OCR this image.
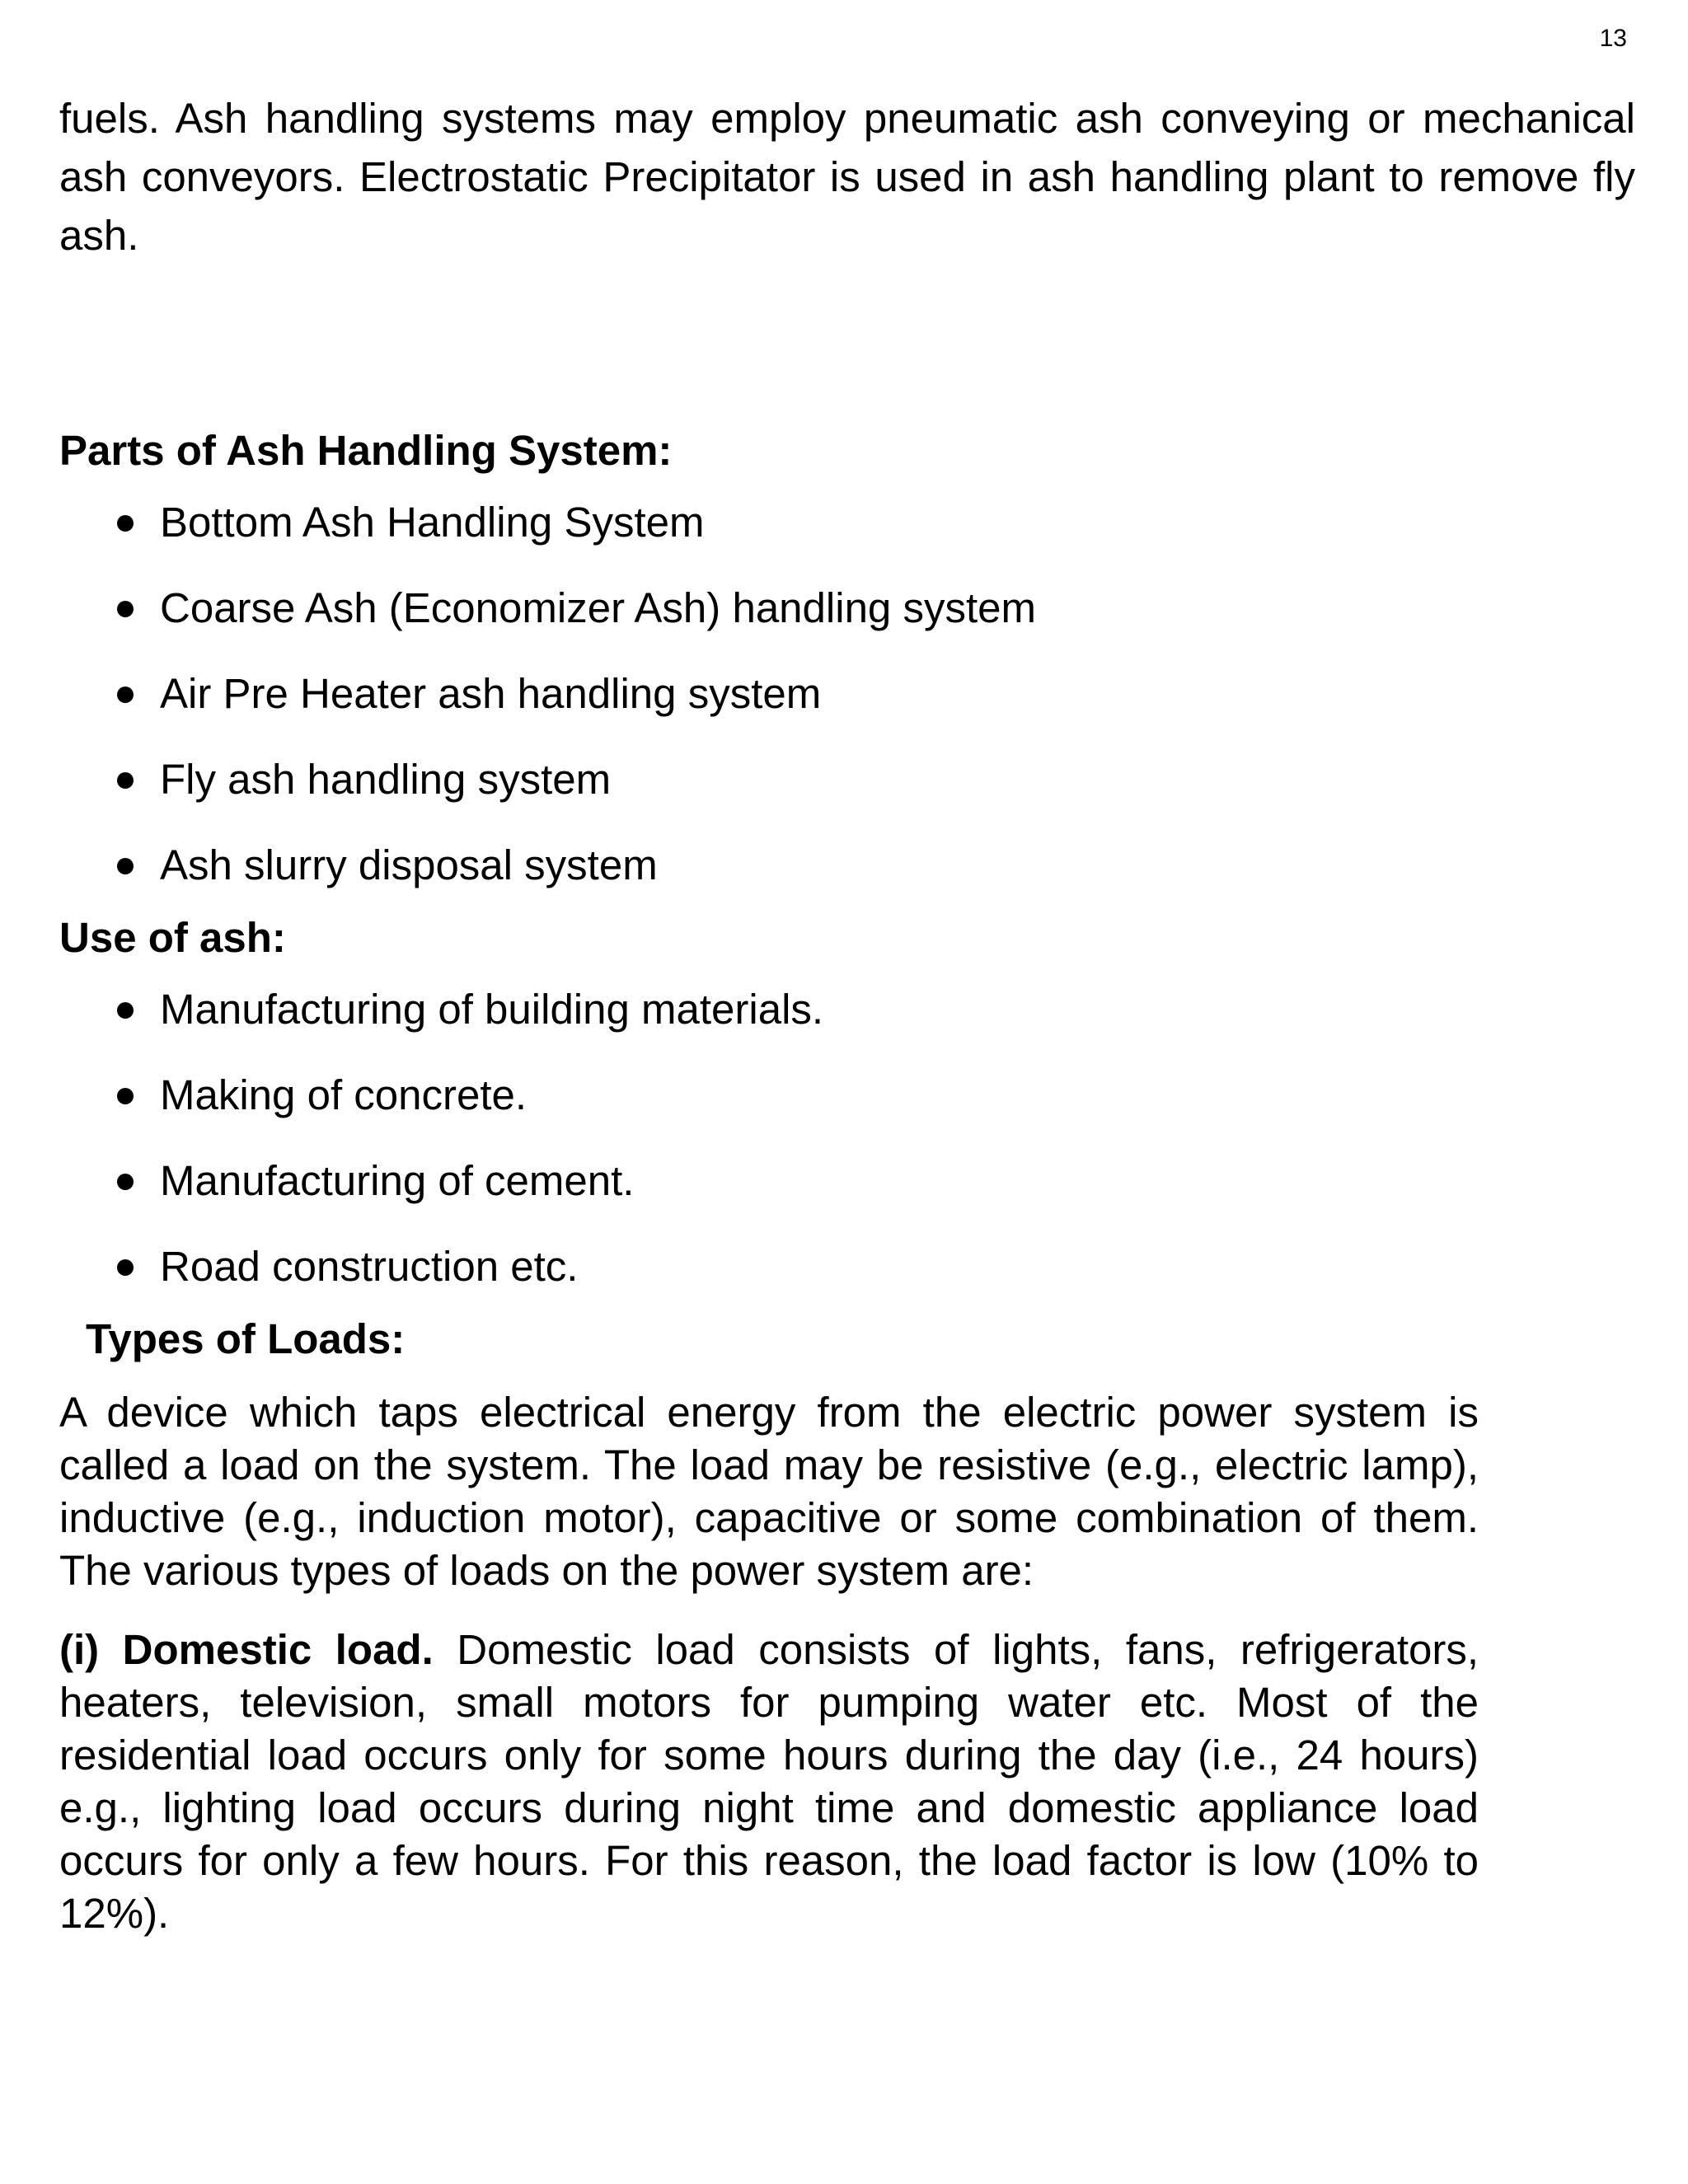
13

fuels. Ash handling systems may employ pneumatic ash conveying or mechanical ash conveyors. Electrostatic Precipitator is used in ash handling plant to remove fly ash.

Parts of Ash Handling System:

Bottom Ash Handling System
Coarse Ash (Economizer Ash) handling system
Air Pre Heater ash handling system
Fly ash handling system
Ash slurry disposal system

Use of ash:

Manufacturing of building materials.
Making of concrete.
Manufacturing of cement.
Road construction etc.

Types of Loads:

A device which taps electrical energy from the electric power system is called a load on the system. The load may be resistive (e.g., electric lamp), inductive (e.g., induction motor), capacitive or some combination of them. The various types of loads on the power system are:

(i) Domestic load. Domestic load consists of lights, fans, refrigerators, heaters, television, small motors for pumping water etc. Most of the residential load occurs only for some hours during the day (i.e., 24 hours) e.g., lighting load occurs during night time and domestic appliance load occurs for only a few hours. For this reason, the load factor is low (10% to 12%).
